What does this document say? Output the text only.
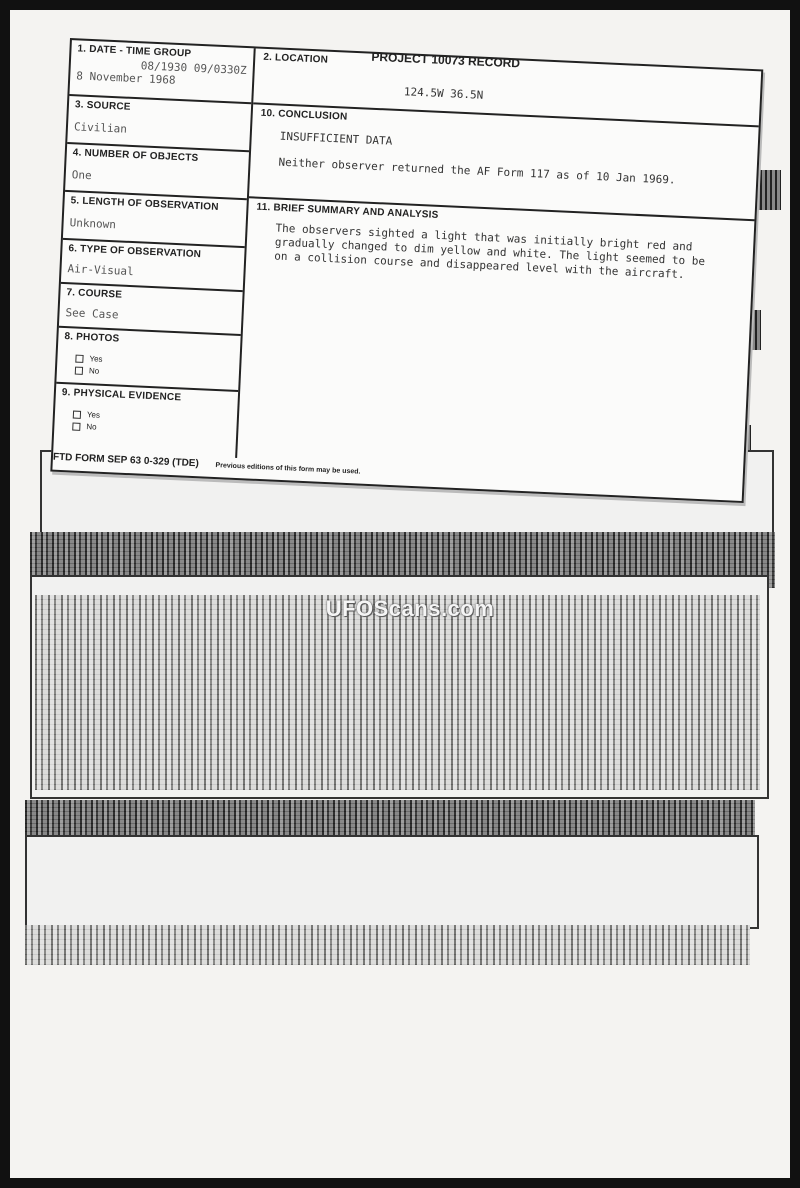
PROJECT 10073 RECORD
1. DATE - TIME GROUP
08/1930 09/0330Z
8 November 1968
3. SOURCE
Civilian
4. NUMBER OF OBJECTS
One
5. LENGTH OF OBSERVATION
Unknown
6. TYPE OF OBSERVATION
Air-Visual
7. COURSE
See Case
8. PHOTOS
Yes
No
9. PHYSICAL EVIDENCE
Yes
No
2. LOCATION
124.5W 36.5N
10. CONCLUSION
INSUFFICIENT DATA
Neither observer returned the AF Form 117 as of 10 Jan 1969.
11. BRIEF SUMMARY AND ANALYSIS
The observers sighted a light that was initially bright red and gradually changed to dim yellow and white. The light seemed to be on a collision course and disappeared level with the aircraft.
FTD FORM SEP 63 0-329 (TDE) Previous editions of this form may be used.
UFOScans.com
